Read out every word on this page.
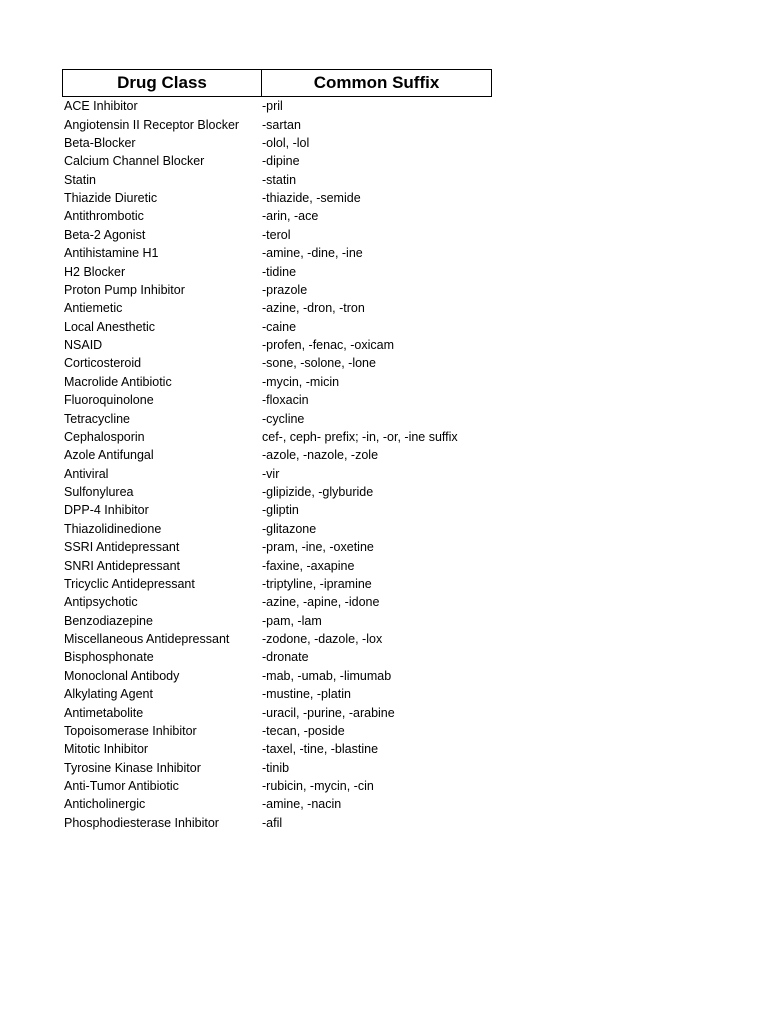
Drug Class	Common Suffix
ACE Inhibitor	-pril
Angiotensin II Receptor Blocker	-sartan
Beta-Blocker	-olol, -lol
Calcium Channel Blocker	-dipine
Statin	-statin
Thiazide Diuretic	-thiazide, -semide
Antithrombotic	-arin, -ace
Beta-2 Agonist	-terol
Antihistamine H1	-amine, -dine, -ine
H2 Blocker	-tidine
Proton Pump Inhibitor	-prazole
Antiemetic	-azine, -dron, -tron
Local Anesthetic	-caine
NSAID	-profen, -fenac, -oxicam
Corticosteroid	-sone, -solone, -lone
Macrolide Antibiotic	-mycin, -micin
Fluoroquinolone	-floxacin
Tetracycline	-cycline
Cephalosporin	cef-, ceph- prefix; -in, -or, -ine suffix
Azole Antifungal	-azole, -nazole, -zole
Antiviral	-vir
Sulfonylurea	-glipizide, -glyburide
DPP-4 Inhibitor	-gliptin
Thiazolidinedione	-glitazone
SSRI Antidepressant	-pram, -ine, -oxetine
SNRI Antidepressant	-faxine, -axapine
Tricyclic Antidepressant	-triptyline, -ipramine
Antipsychotic	-azine, -apine, -idone
Benzodiazepine	-pam, -lam
Miscellaneous Antidepressant	-zodone, -dazole, -lox
Bisphosphonate	-dronate
Monoclonal Antibody	-mab, -umab, -limumab
Alkylating Agent	-mustine, -platin
Antimetabolite	-uracil, -purine, -arabine
Topoisomerase Inhibitor	-tecan, -poside
Mitotic Inhibitor	-taxel, -tine, -blastine
Tyrosine Kinase Inhibitor	-tinib
Anti-Tumor Antibiotic	-rubicin, -mycin, -cin
Anticholinergic	-amine, -nacin
Phosphodiesterase Inhibitor	-afil
